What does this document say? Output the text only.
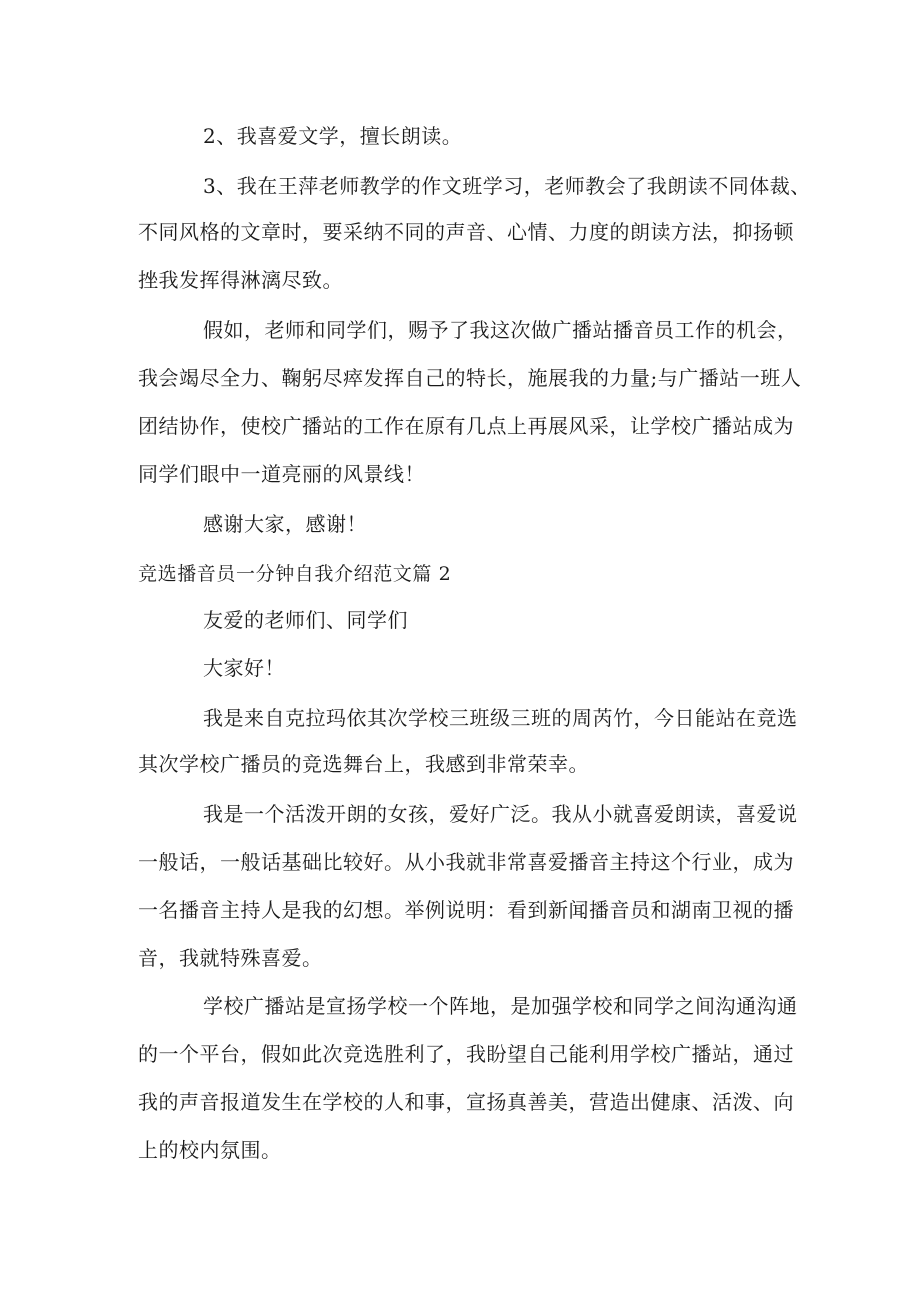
2、我喜爱文学，擅长朗读。
3、我在王萍老师教学的作文班学习，老师教会了我朗读不同体裁、
不同风格的文章时，要采纳不同的声音、心情、力度的朗读方法，抑扬顿
挫我发挥得淋漓尽致。
假如，老师和同学们，赐予了我这次做广播站播音员工作的机会，
我会竭尽全力、鞠躬尽瘁发挥自己的特长，施展我的力量;与广播站一班人
团结协作，使校广播站的工作在原有几点上再展风采，让学校广播站成为
同学们眼中一道亮丽的风景线！
感谢大家，感谢！
竞选播音员一分钟自我介绍范文篇 2
友爱的老师们、同学们
大家好！
我是来自克拉玛依其次学校三班级三班的周芮竹，今日能站在竞选
其次学校广播员的竞选舞台上，我感到非常荣幸。
我是一个活泼开朗的女孩，爱好广泛。我从小就喜爱朗读，喜爱说
一般话，一般话基础比较好。从小我就非常喜爱播音主持这个行业，成为
一名播音主持人是我的幻想。举例说明：看到新闻播音员和湖南卫视的播
音，我就特殊喜爱。
学校广播站是宣扬学校一个阵地，是加强学校和同学之间沟通沟通
的一个平台，假如此次竞选胜利了，我盼望自己能利用学校广播站，通过
我的声音报道发生在学校的人和事，宣扬真善美，营造出健康、活泼、向
上的校内氛围。
